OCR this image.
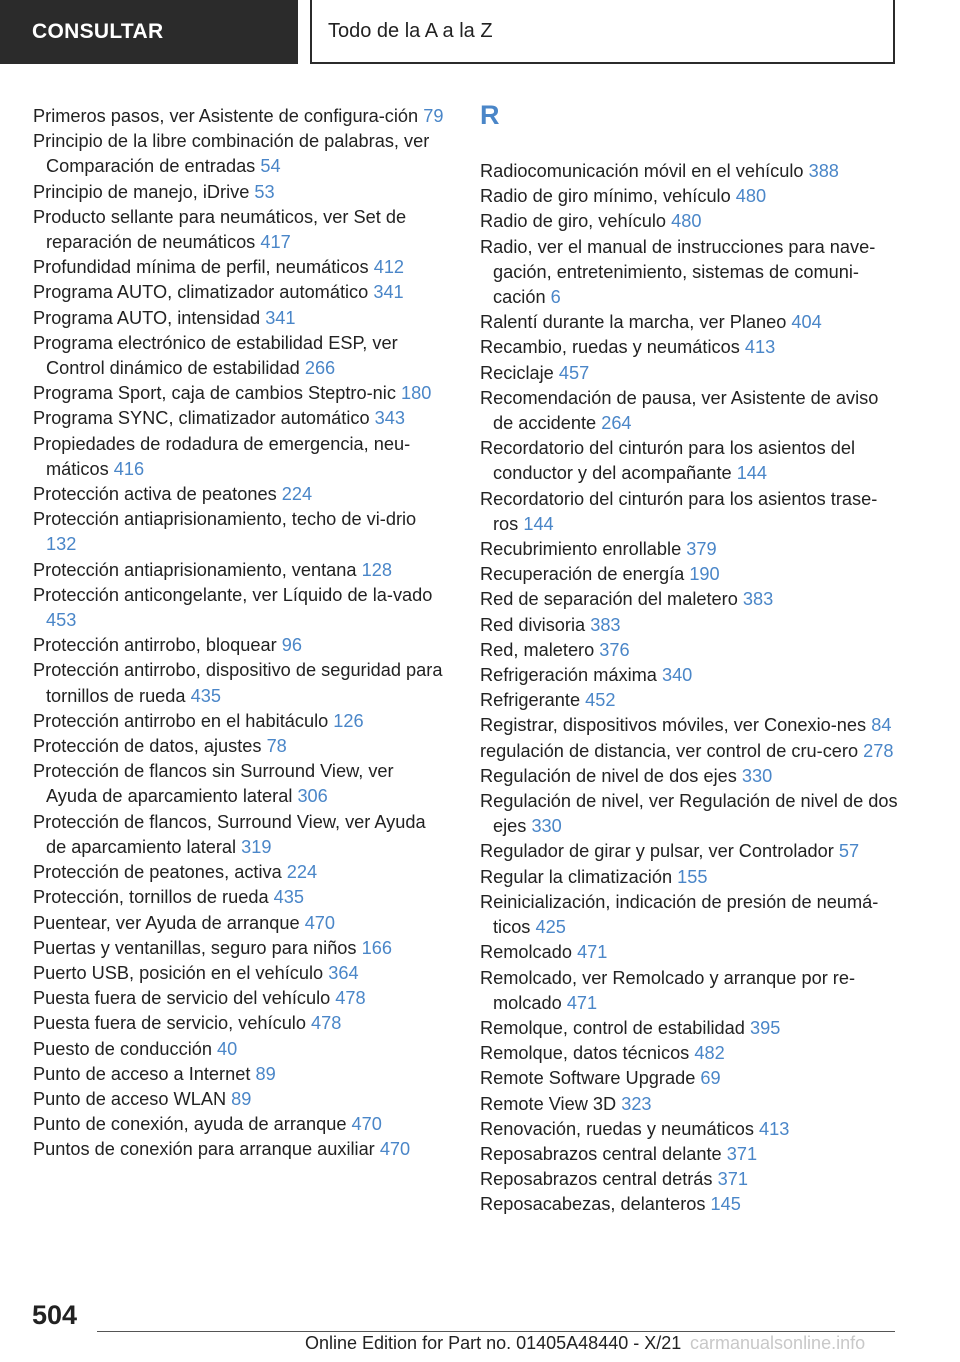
CONSULTAR	Todo de la A a la Z
Primeros pasos, ver Asistente de configura‐ción 79
Principio de la libre combinación de palabras, ver Comparación de entradas 54
Principio de manejo, iDrive 53
Producto sellante para neumáticos, ver Set de reparación de neumáticos 417
Profundidad mínima de perfil, neumáticos 412
Programa AUTO, climatizador automático 341
Programa AUTO, intensidad 341
Programa electrónico de estabilidad ESP, ver Control dinámico de estabilidad 266
Programa Sport, caja de cambios Steptro‐nic 180
Programa SYNC, climatizador automático 343
Propiedades de rodadura de emergencia, neu‐máticos 416
Protección activa de peatones 224
Protección antiaprisionamiento, techo de vi‐drio 132
Protección antiaprisionamiento, ventana 128
Protección anticongelante, ver Líquido de la‐vado 453
Protección antirrobo, bloquear 96
Protección antirrobo, dispositivo de seguridad para tornillos de rueda 435
Protección antirrobo en el habitáculo 126
Protección de datos, ajustes 78
Protección de flancos sin Surround View, ver Ayuda de aparcamiento lateral 306
Protección de flancos, Surround View, ver Ayuda de aparcamiento lateral 319
Protección de peatones, activa 224
Protección, tornillos de rueda 435
Puentear, ver Ayuda de arranque 470
Puertas y ventanillas, seguro para niños 166
Puerto USB, posición en el vehículo 364
Puesta fuera de servicio del vehículo 478
Puesta fuera de servicio, vehículo 478
Puesto de conducción 40
Punto de acceso a Internet 89
Punto de acceso WLAN 89
Punto de conexión, ayuda de arranque 470
Puntos de conexión para arranque auxiliar 470
R
Radiocomunicación móvil en el vehículo 388
Radio de giro mínimo, vehículo 480
Radio de giro, vehículo 480
Radio, ver el manual de instrucciones para nave‐gación, entretenimiento, sistemas de comuni‐cación 6
Ralentí durante la marcha, ver Planeo 404
Recambio, ruedas y neumáticos 413
Reciclaje 457
Recomendación de pausa, ver Asistente de aviso de accidente 264
Recordatorio del cinturón para los asientos del conductor y del acompañante 144
Recordatorio del cinturón para los asientos trase‐ros 144
Recubrimiento enrollable 379
Recuperación de energía 190
Red de separación del maletero 383
Red divisoria 383
Red, maletero 376
Refrigeración máxima 340
Refrigerante 452
Registrar, dispositivos móviles, ver Conexio‐nes 84
regulación de distancia, ver control de cru‐cero 278
Regulación de nivel de dos ejes 330
Regulación de nivel, ver Regulación de nivel de dos ejes 330
Regulador de girar y pulsar, ver Controlador 57
Regular la climatización 155
Reinicialización, indicación de presión de neumá‐ticos 425
Remolcado 471
Remolcado, ver Remolcado y arranque por re‐molcado 471
Remolque, control de estabilidad 395
Remolque, datos técnicos 482
Remote Software Upgrade 69
Remote View 3D 323
Renovación, ruedas y neumáticos 413
Reposabrazos central delante 371
Reposabrazos central detrás 371
Reposacabezas, delanteros 145
504
Online Edition for Part no. 01405A48440 - X/21 carmanualsonline.info
